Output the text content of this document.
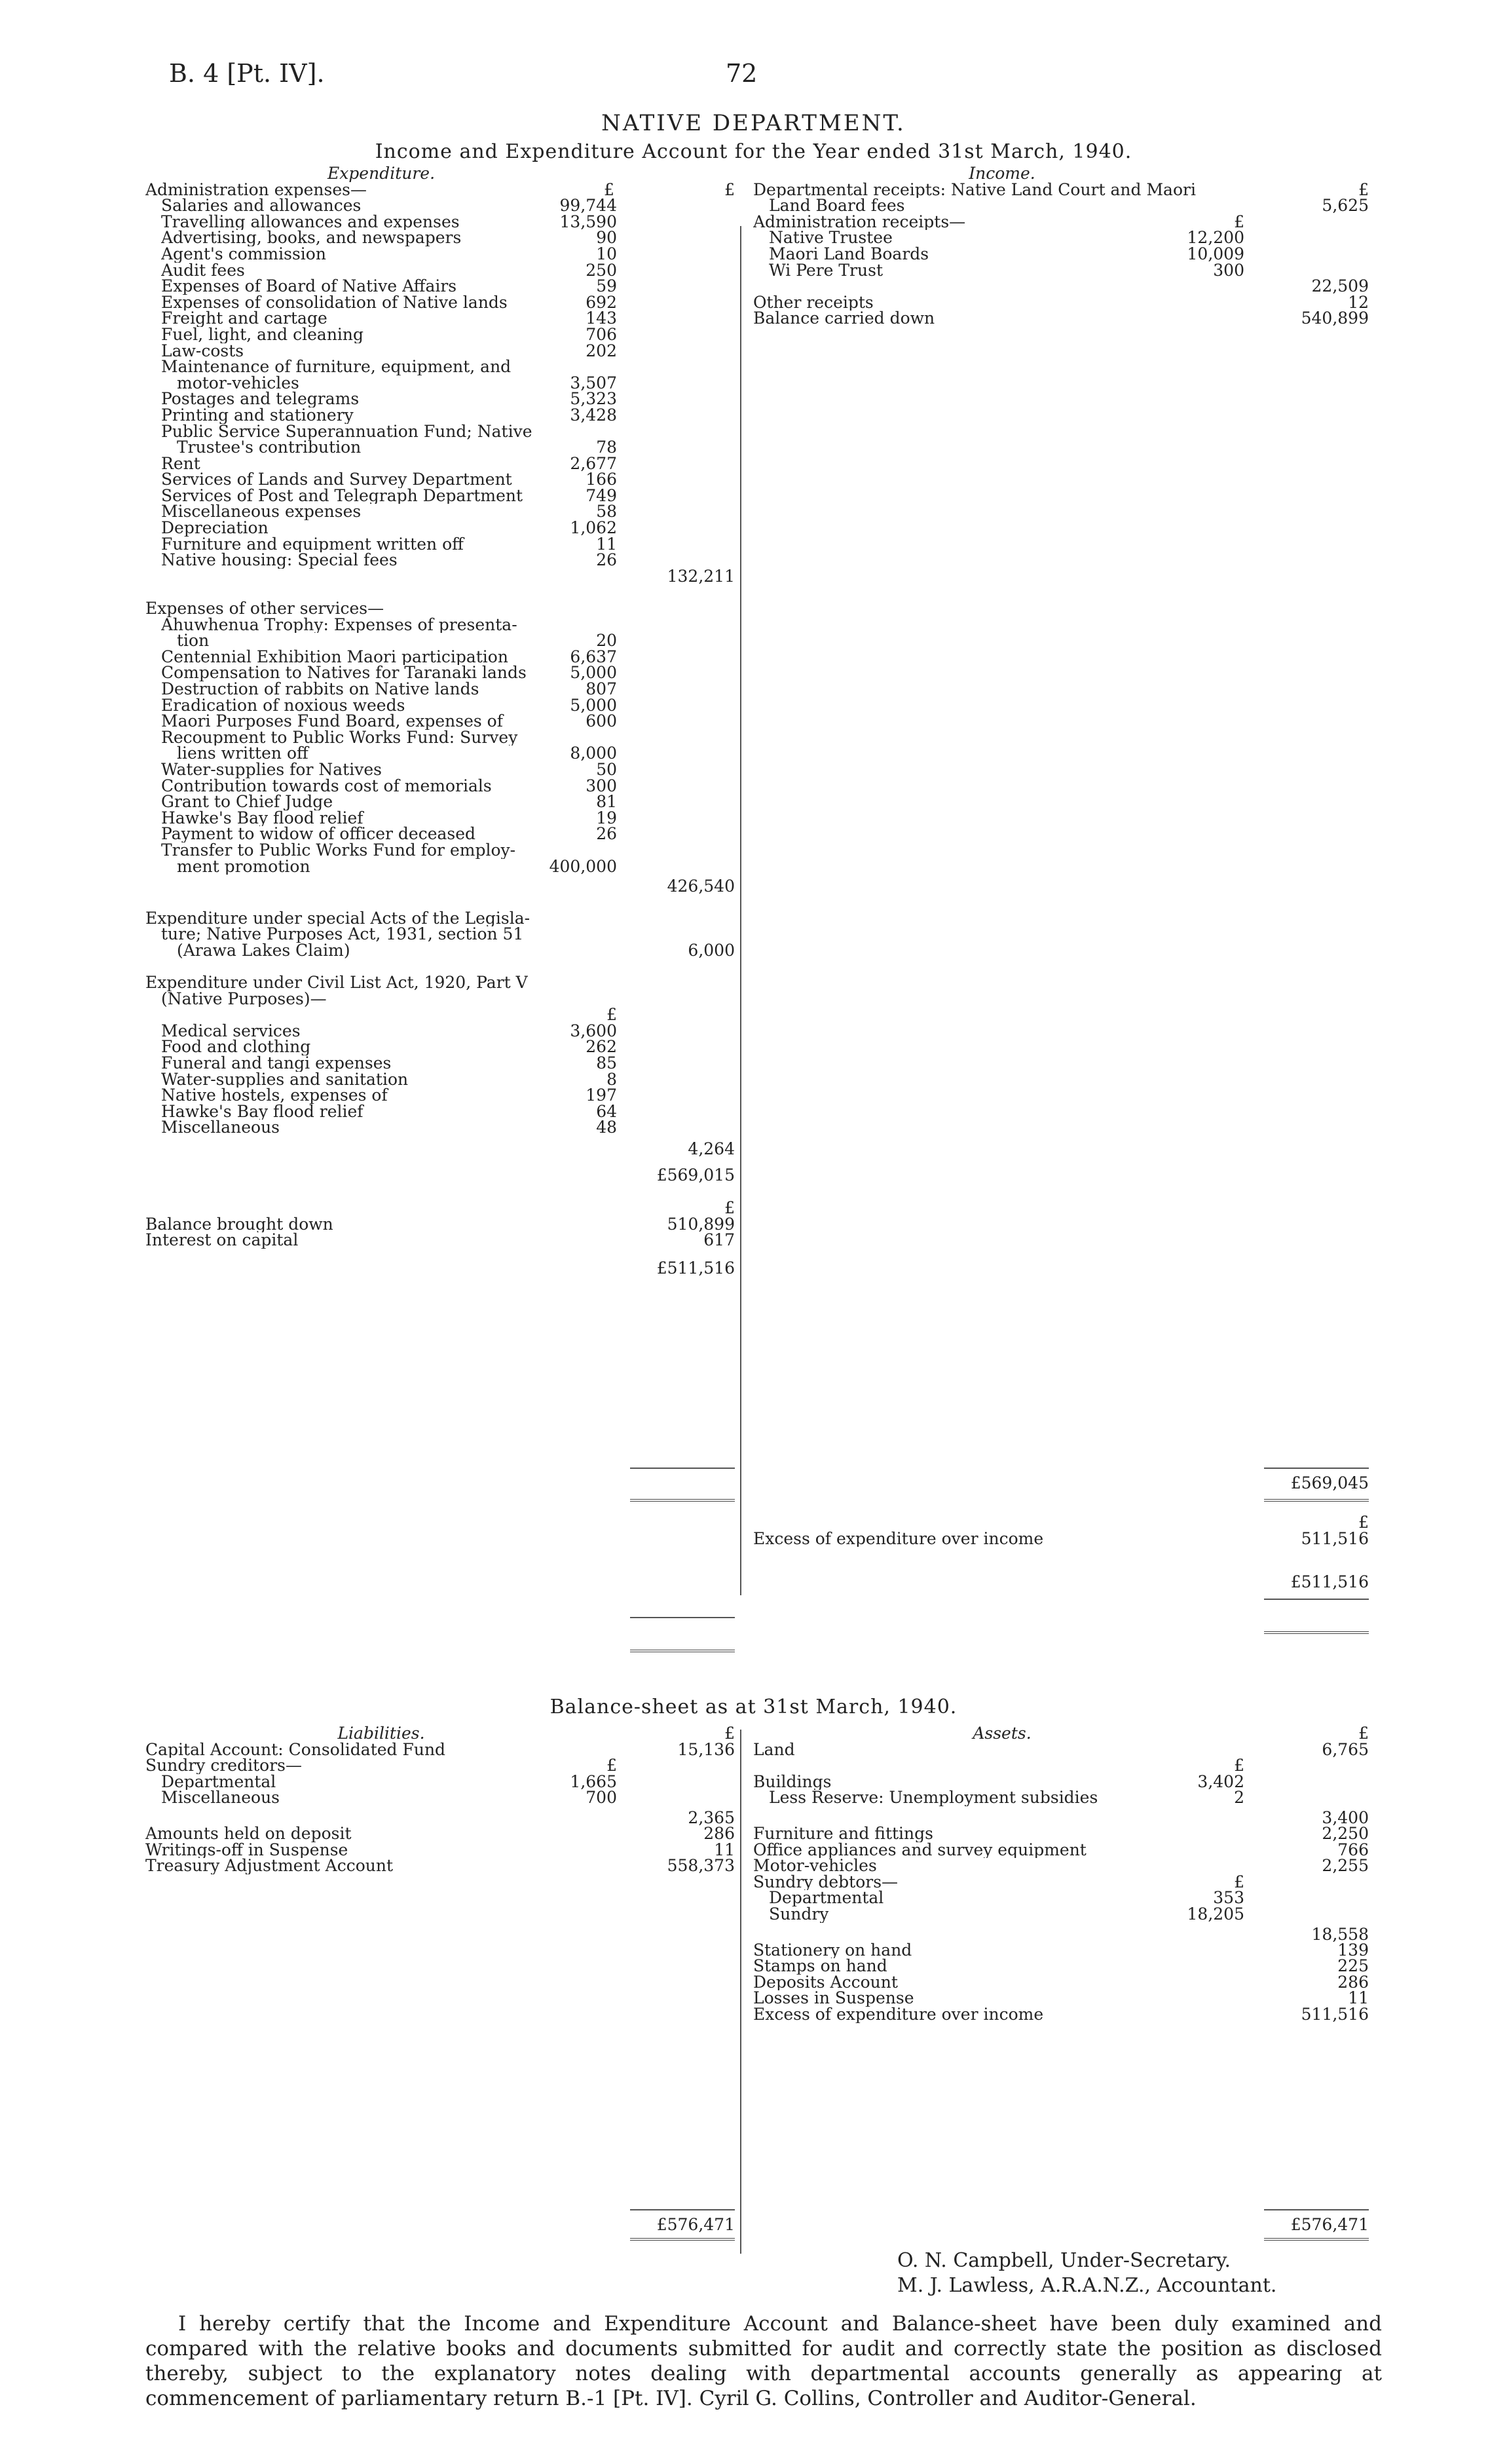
B. 4 [Pt. IV].	72
NATIVE DEPARTMENT.
Income and Expenditure Account for the Year ended 31st March, 1940.
Expenditure.
Administration expenses—	£
£
Salaries and allowances	99,744
Travelling allowances and expenses	13,590
Advertising, books, and newspapers	90
Agent's commission	10
Audit fees	250
Expenses of Board of Native Affairs	59
Expenses of consolidation of Native lands	692
Freight and cartage	143
Fuel, light, and cleaning	706
Law-costs	202
Maintenance of furniture, equipment, and
motor-vehicles	3,507
Postages and telegrams	5,323
Printing and stationery	3,428
Public Service Superannuation Fund; Native
Trustee's contribution	78
Rent	2,677
Services of Lands and Survey Department	166
Services of Post and Telegraph Department	749
Miscellaneous expenses	58
Depreciation	1,062
Furniture and equipment written off	11
Native housing: Special fees	26
132,211
Expenses of other services—
Ahuwhenua Trophy: Expenses of presenta-
tion	20
Centennial Exhibition Maori participation	6,637
Compensation to Natives for Taranaki lands	5,000
Destruction of rabbits on Native lands	807
Eradication of noxious weeds	5,000
Maori Purposes Fund Board, expenses of	600
Recoupment to Public Works Fund: Survey
liens written off	8,000
Water-supplies for Natives	50
Contribution towards cost of memorials	300
Grant to Chief Judge	81
Hawke's Bay flood relief	19
Payment to widow of officer deceased	26
Transfer to Public Works Fund for employ-
ment promotion	400,000
426,540
Expenditure under special Acts of the Legisla-
ture; Native Purposes Act, 1931, section 51
(Arawa Lakes Claim)	6,000
Expenditure under Civil List Act, 1920, Part V
(Native Purposes)—
£
Medical services	3,600
Food and clothing	262
Funeral and tangi expenses	85
Water-supplies and sanitation	8
Native hostels, expenses of	197
Hawke's Bay flood relief	64
Miscellaneous	48
4,264
£569,015
£
Balance brought down	510,899
Interest on capital	617
£511,516
Income.
Departmental receipts: Native Land Court and Maori	£
Land Board fees	5,625
Administration receipts—	£
Native Trustee	12,200
Maori Land Boards	10,009
Wi Pere Trust	300
22,509
Other receipts	12
Balance carried down	540,899
£569,045
£
Excess of expenditure over income	511,516
£511,516
Balance-sheet as at 31st March, 1940.
Liabilities.	£
Capital Account: Consolidated Fund	15,136
Sundry creditors—	£
Departmental	1,665
Miscellaneous	700
2,365
Amounts held on deposit	286
Writings-off in Suspense	11
Treasury Adjustment Account	558,373
£576,471
Assets.	£
Land	6,765
£
Buildings	3,402
Less Reserve: Unemployment subsidies	2
3,400
Furniture and fittings	2,250
Office appliances and survey equipment	766
Motor-vehicles	2,255
Sundry debtors—	£
Departmental	353
Sundry	18,205
18,558
Stationery on hand	139
Stamps on hand	225
Deposits Account	286
Losses in Suspense	11
Excess of expenditure over income	511,516
£576,471
O. N. Campbell, Under-Secretary.
M. J. Lawless, A.R.A.N.Z., Accountant.
I hereby certify that the Income and Expenditure Account and Balance-sheet have been duly examined and compared with the relative books and documents submitted for audit and correctly state the position as disclosed thereby, subject to the explanatory notes dealing with departmental accounts generally as appearing at commencement of parliamentary return B.-1 [Pt. IV]. Cyril G. Collins, Controller and Auditor-General.
